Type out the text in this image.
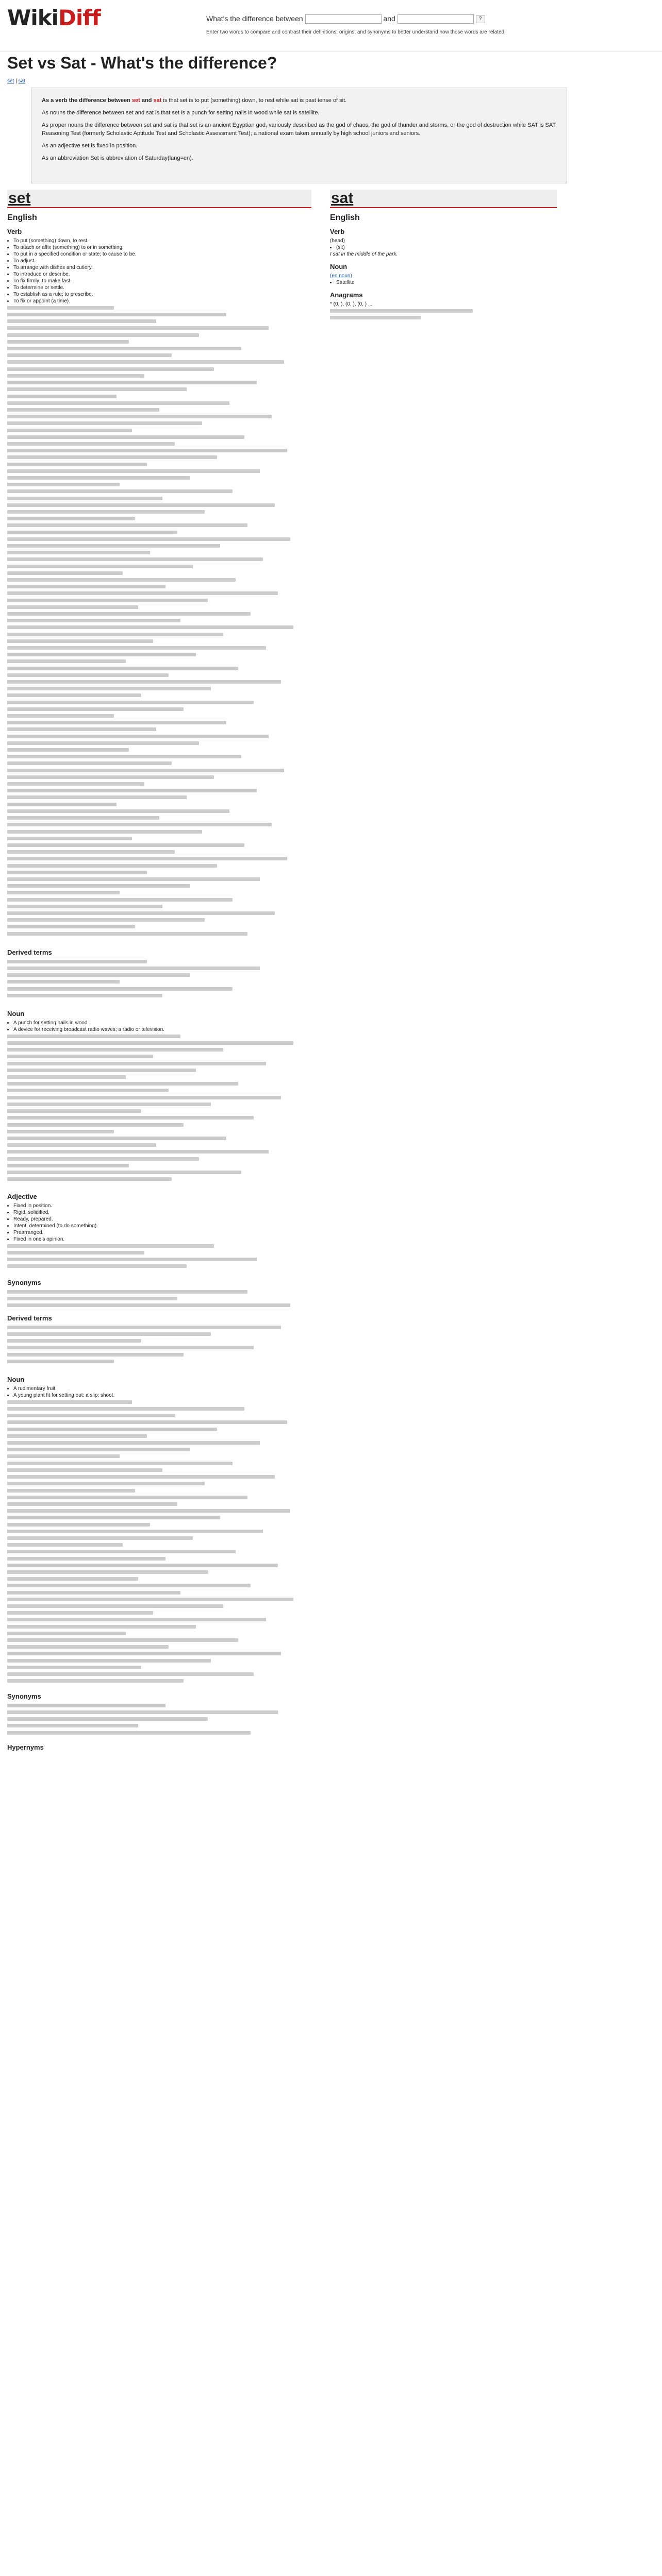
WikiDiff	What's the difference between	and	?
Enter two words to compare and contrast their definitions, origins, and synonyms to better understand how those words are related.
Set vs Sat - What's the difference?
set | sat

As a verb the difference between set and sat is that set is to put (something) down, to rest while sat is past tense of sit.

As nouns the difference between set and sat is that set is a punch for setting nails in wood while sat is satellite.

As proper nouns the difference between set and sat is that set is an ancient Egyptian god, variously described as the god of chaos, the god of thunder and storms, or the god of destruction while SAT is SAT Reasoning Test (formerly Scholastic Aptitude Test and Scholastic Assessment Test); a national exam taken annually by high school juniors and seniors.

As an adjective set is fixed in position.

As an abbreviation Set is abbreviation of Saturday(lang=en).

set
English
Verb
• To put (something) down, to rest.
• To attach or affix (something) to or in something.
• To put in a specified condition or state; to cause to be.
• To adjust.
• To arrange with dishes and cutlery.
• To introduce or describe.
• To fix firmly; to make fast.
• To determine or settle.
• To establish as a rule; to prescribe.
• To fix or appoint (a time).
Derived terms
Noun
• A punch for setting nails in wood.
• A device for receiving broadcast radio waves; a radio or television.
Adjective
• Fixed in position.
• Rigid, solidified.
• Ready, prepared.
• Intent, determined (to do something).
• Prearranged.
• Fixed in one's opinion.
Synonyms
Derived terms
Noun
• A rudimentary fruit.
• A young plant fit for setting out; a slip; shoot.
Synonyms
Hypernyms
sat
English
Verb

(head)

• (sit)

I sat in the middle of the park.

Noun

(en noun)

• Satellite
Anagrams

* (0, ), (0, ), (0, ) ...
